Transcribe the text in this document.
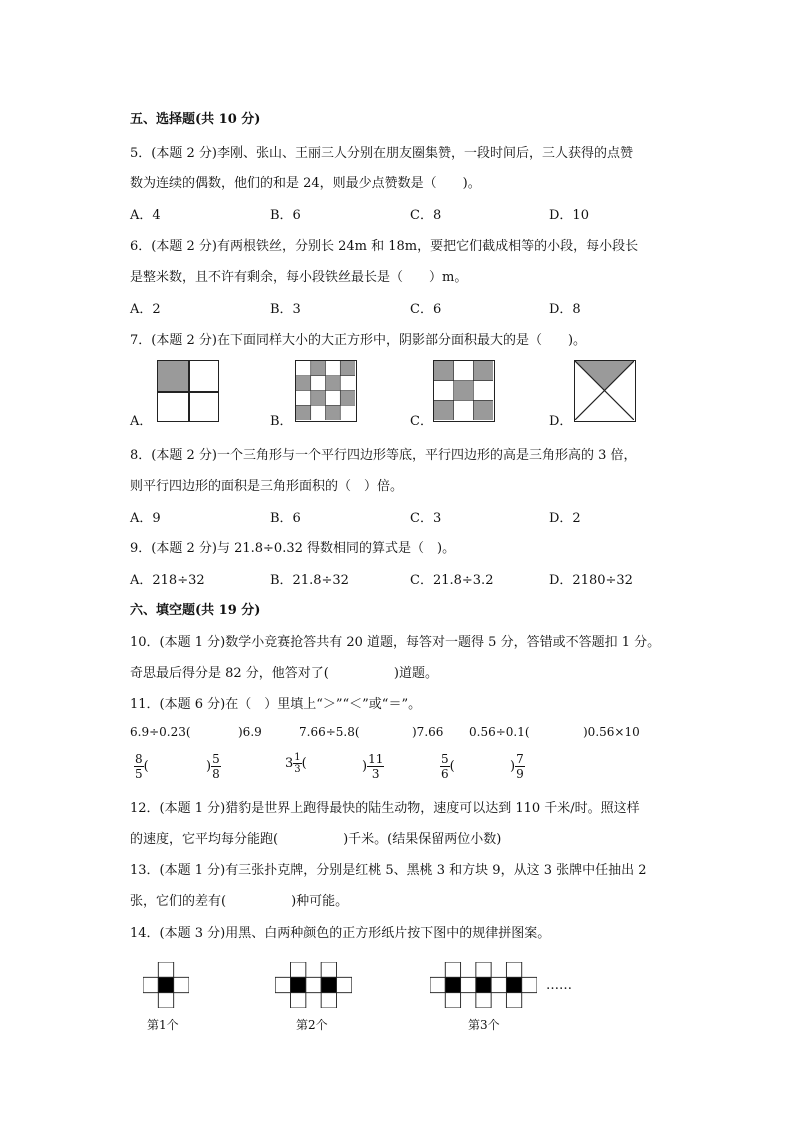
五、选择题(共 10 分)
5．(本题 2 分)李刚、张山、王丽三人分别在朋友圈集赞，一段时间后，三人获得的点赞
数为连续的偶数，他们的和是 24，则最少点赞数是（　　)。
A．4	B．6	C．8	D．10
6．(本题 2 分)有两根铁丝，分别长 24m 和 18m，要把它们截成相等的小段，每小段长
是整米数，且不许有剩余，每小段铁丝最长是（　　）m。
A．2	B．3	C．6	D．8
7．(本题 2 分)在下面同样大小的大正方形中，阴影部分面积最大的是（　　)。
A．	B．	C．	D．
8．(本题 2 分)一个三角形与一个平行四边形等底，平行四边形的高是三角形高的 3 倍，
则平行四边形的面积是三角形面积的（　）倍。
A．9	B．6	C．3	D．2
9．(本题 2 分)与 21.8÷0.32 得数相同的算式是（　)。
A．218÷32	B．21.8÷32	C．21.8÷3.2	D．2180÷32
六、填空题(共 19 分)
10．(本题 1 分)数学小竞赛抢答共有 20 道题，每答对一题得 5 分，答错或不答题扣 1 分。
奇思最后得分是 82 分，他答对了(　　　　　)道题。
11．(本题 6 分)在（　）里填上“＞”“＜”或“＝”。
6.9÷0.23(	)6.9	7.66÷5.8(	)7.66 0.56÷0.1(	)0.56×10
$\frac{8}{5}$ (	) $\frac{5}{8}$	$3 \frac{1}{3}$ (	) $\frac{11}{3}$	$\frac{5}{6}$ (	) $\frac{7}{9}$
12．(本题 1 分)猎豹是世界上跑得最快的陆生动物，速度可以达到 110 千米/时。照这样
的速度，它平均每分能跑(　　　　　)千米。(结果保留两位小数)
13．(本题 1 分)有三张扑克牌，分别是红桃 5、黑桃 3 和方块 9，从这 3 张牌中任抽出 2
张，它们的差有(　　　　　)种可能。
14．(本题 3 分)用黑、白两种颜色的正方形纸片按下图中的规律拼图案。
第1个	第2个	第3个
……
